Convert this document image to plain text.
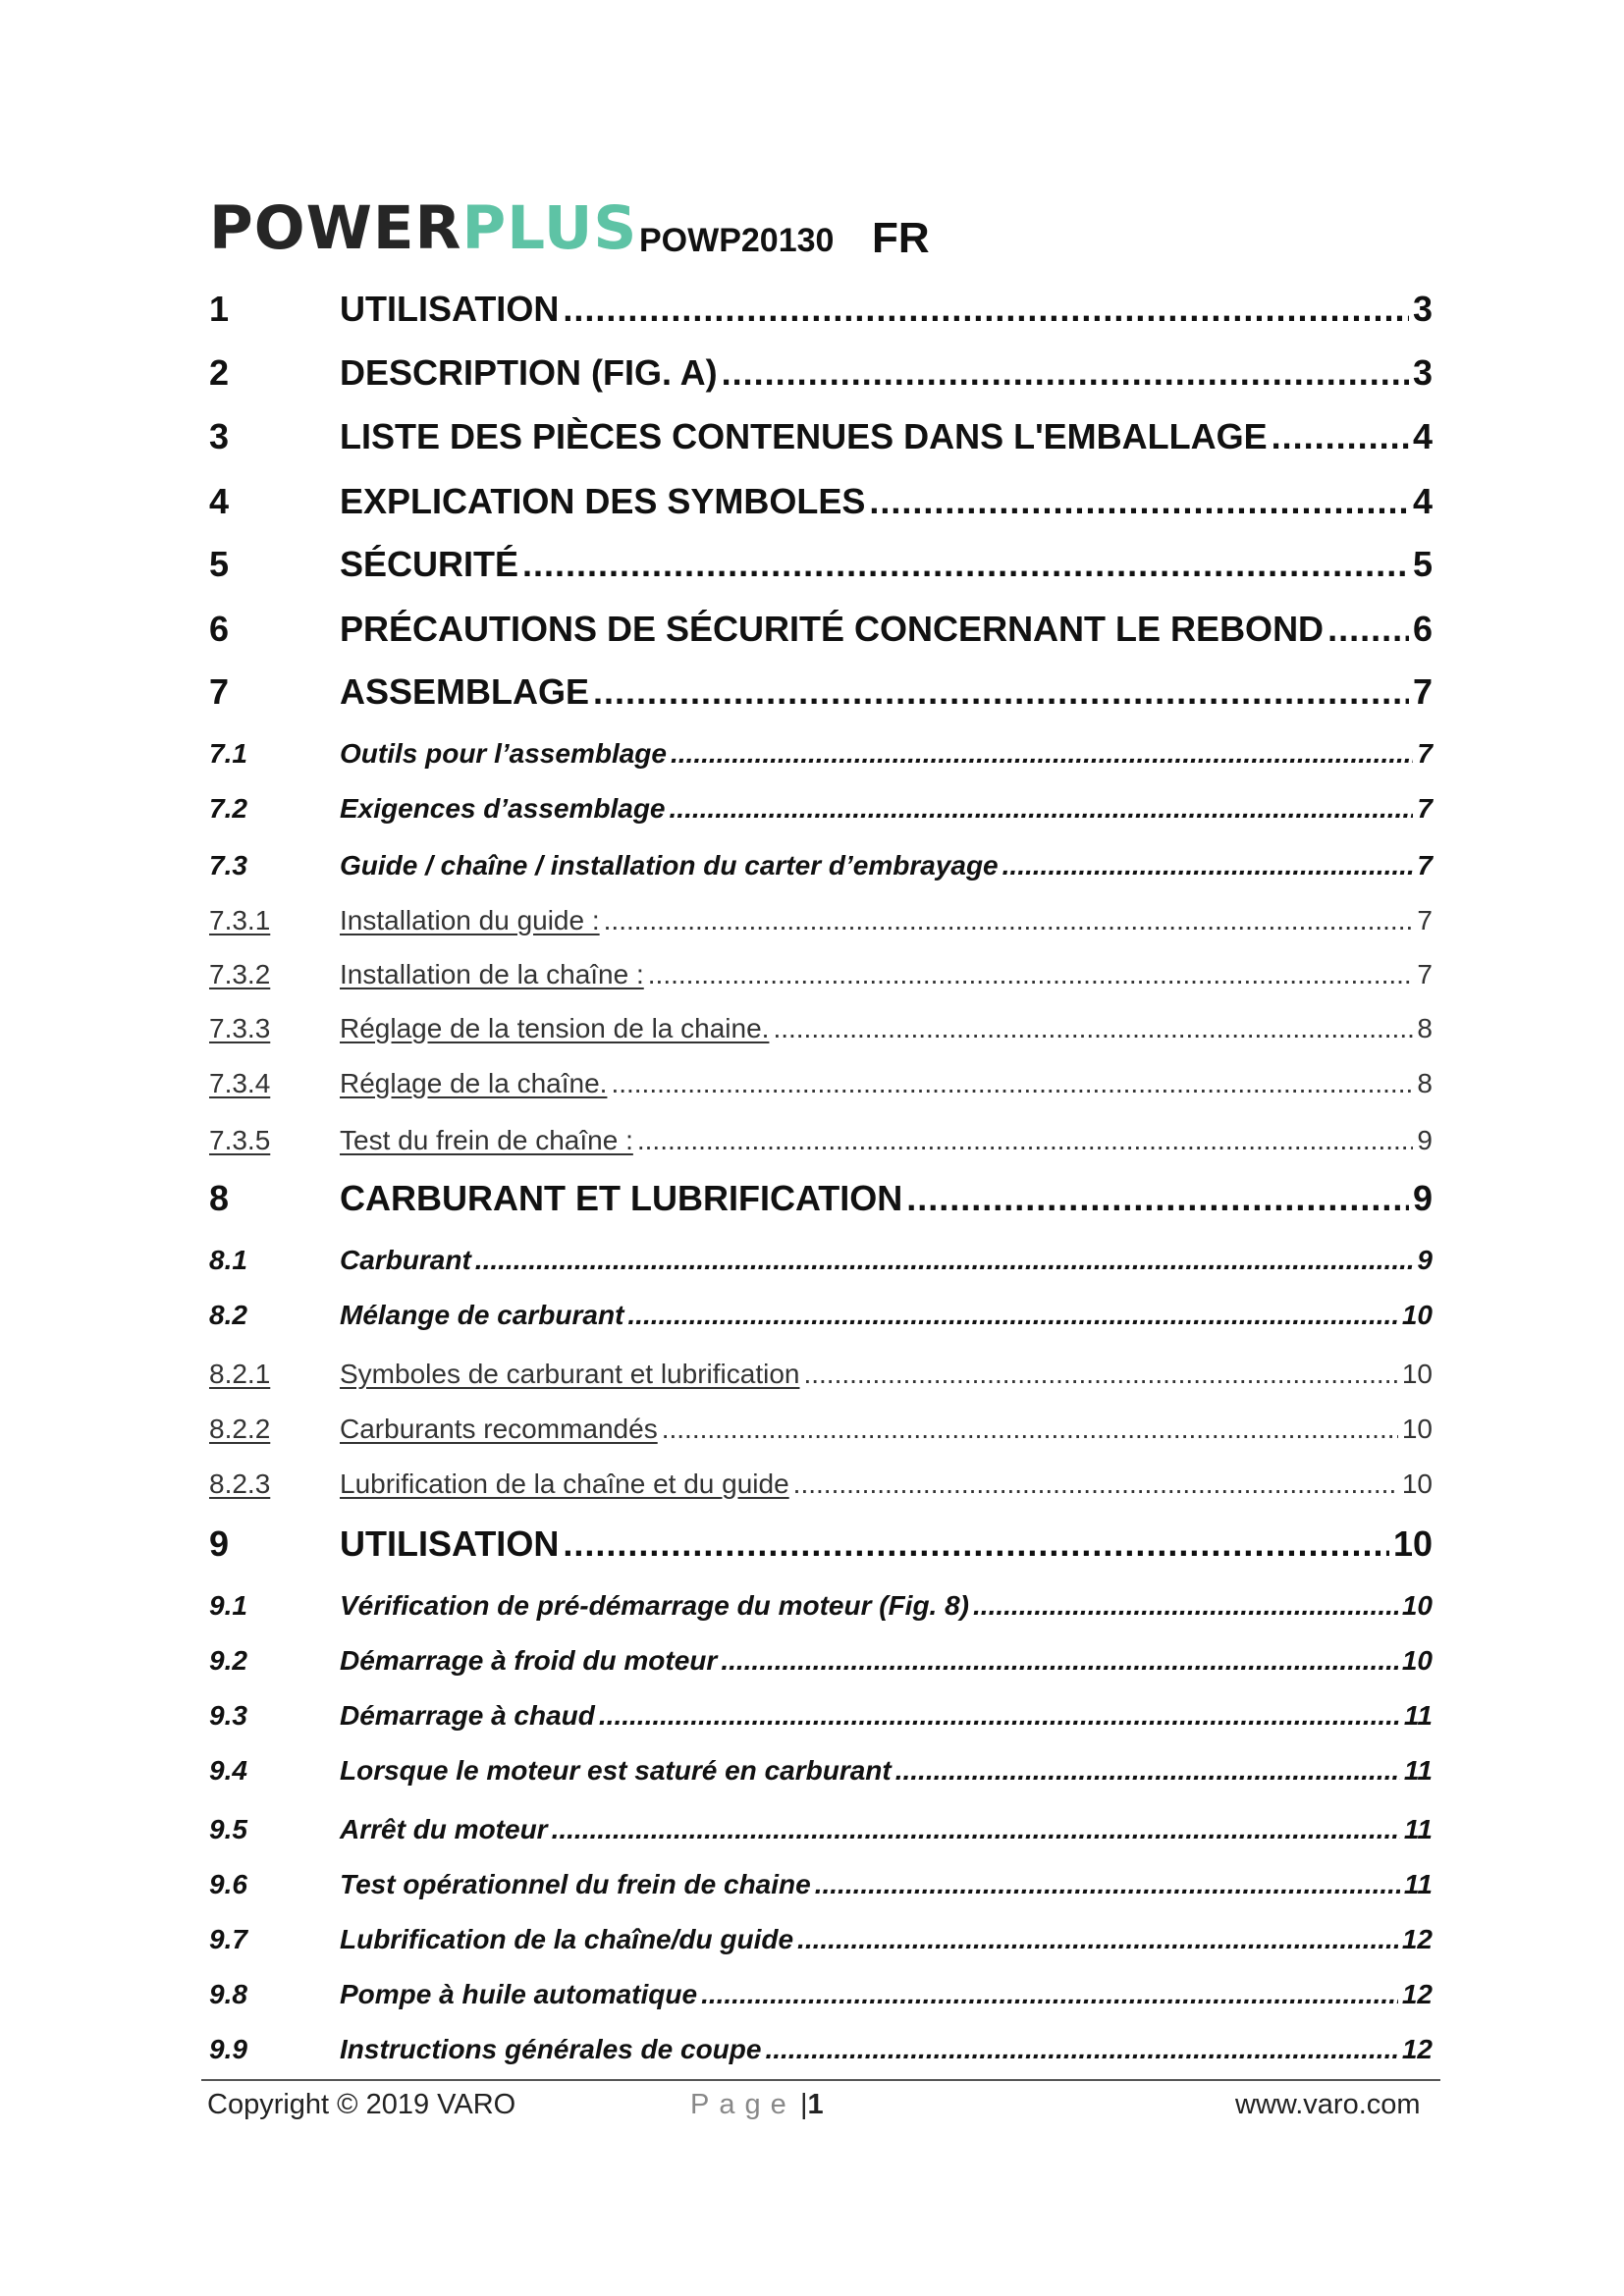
POWERPLUS POWP20130 FR
1	UTILISATION .....	3
2	DESCRIPTION (FIG. A) .....	3
3	LISTE DES PIÈCES CONTENUES DANS L'EMBALLAGE .....	4
4	EXPLICATION DES SYMBOLES .....	4
5	SÉCURITÉ .....	5
6	PRÉCAUTIONS DE SÉCURITÉ CONCERNANT LE REBOND .....	6
7	ASSEMBLAGE .....	7
7.1	Outils pour l’assemblage .....	7
7.2	Exigences d’assemblage .....	7
7.3	Guide / chaîne / installation du carter d’embrayage .....	7
7.3.1	Installation du guide : .....	7
7.3.2	Installation de la chaîne : .....	7
7.3.3	Réglage de la tension de la chaine. .....	8
7.3.4	Réglage de la chaîne. .....	8
7.3.5	Test du frein de chaîne : .....	9
8	CARBURANT ET LUBRIFICATION .....	9
8.1	Carburant .....	9
8.2	Mélange de carburant .....	10
8.2.1	Symboles de carburant et lubrification .....	10
8.2.2	Carburants recommandés .....	10
8.2.3	Lubrification de la chaîne et du guide .....	10
9	UTILISATION .....	10
9.1	Vérification de pré-démarrage du moteur (Fig. 8) .....	10
9.2	Démarrage à froid du moteur .....	10
9.3	Démarrage à chaud .....	11
9.4	Lorsque le moteur est saturé en carburant .....	11
9.5	Arrêt du moteur .....	11
9.6	Test opérationnel du frein de chaine .....	11
9.7	Lubrification de la chaîne/du guide .....	12
9.8	Pompe à huile automatique .....	12
9.9	Instructions générales de coupe .....	12
Copyright © 2019 VARO	Page |1	www.varo.com
